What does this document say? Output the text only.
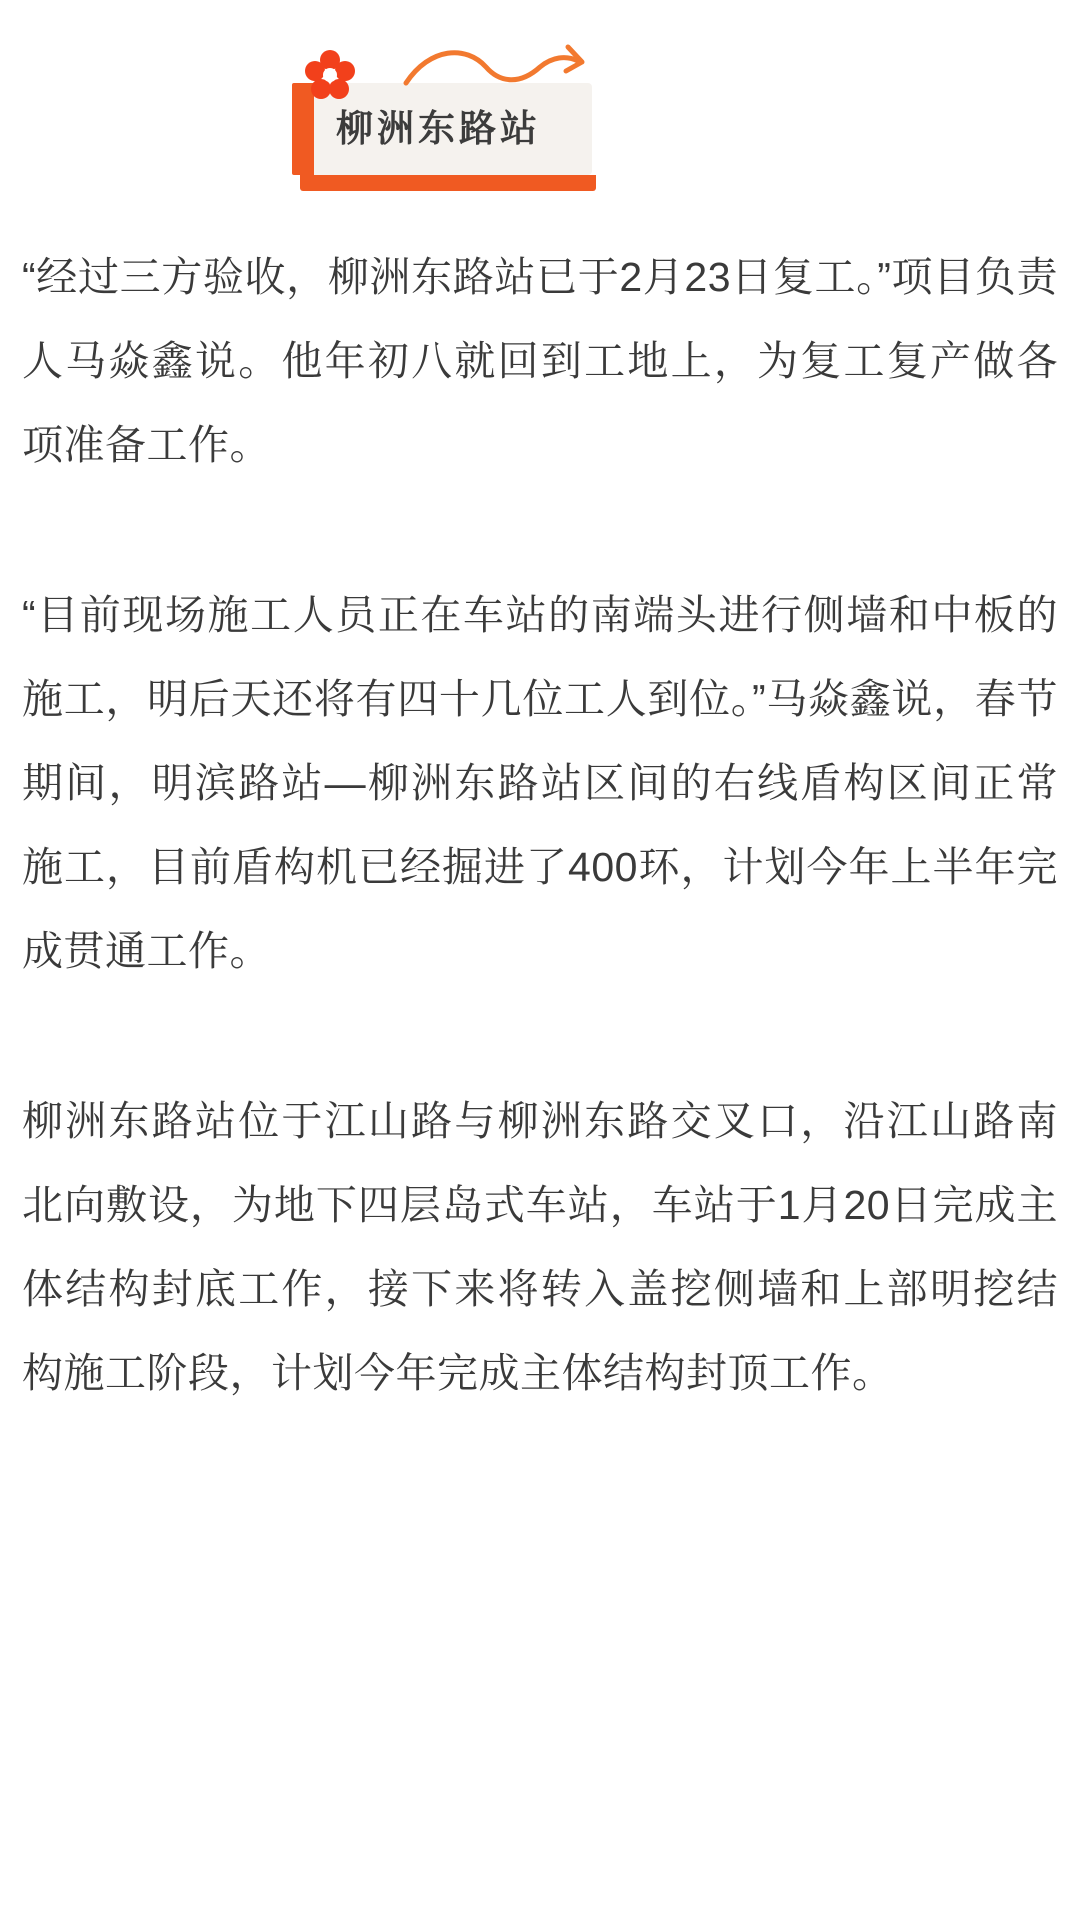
柳洲东路站

“经过三方验收，柳洲东路站已于2月23日复工。”项目负责人马焱鑫说。他年初八就回到工地上，为复工复产做各项准备工作。

“目前现场施工人员正在车站的南端头进行侧墙和中板的施工，明后天还将有四十几位工人到位。”马焱鑫说，春节期间，明滨路站—柳洲东路站区间的右线盾构区间正常施工，目前盾构机已经掘进了400环，计划今年上半年完成贯通工作。

柳洲东路站位于江山路与柳洲东路交叉口，沿江山路南北向敷设，为地下四层岛式车站，车站于1月20日完成主体结构封底工作，接下来将转入盖挖侧墙和上部明挖结构施工阶段，计划今年完成主体结构封顶工作。
